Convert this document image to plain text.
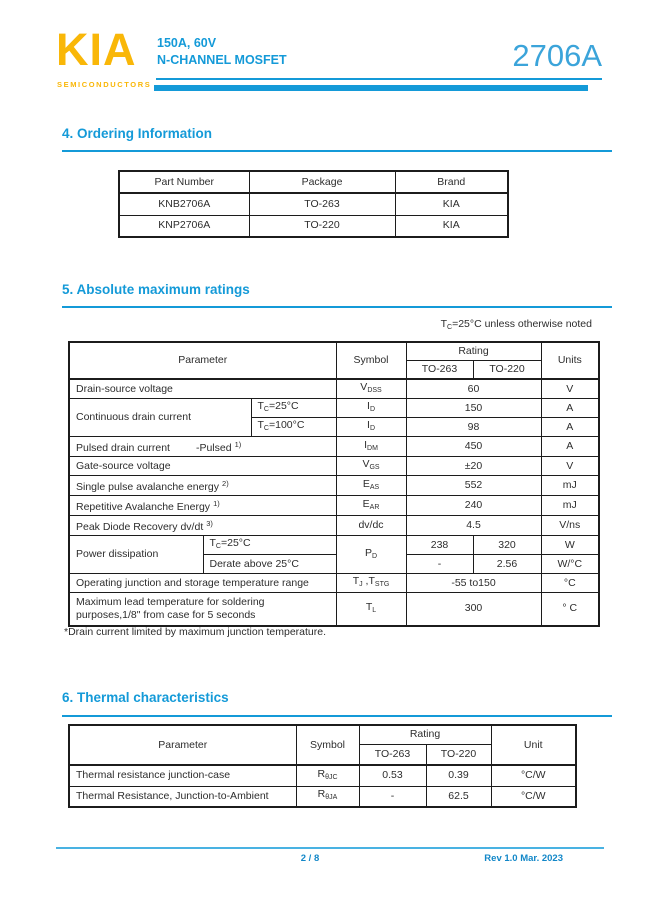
KIA
SEMICONDUCTORS
150A, 60V
N-CHANNEL MOSFET	2706A
4. Ordering Information
Part Number	Package	Brand
KNB2706A	TO-263	KIA
KNP2706A	TO-220	KIA
5. Absolute maximum ratings
TC=25°C unless otherwise noted
Parameter			Symbol	Rating		Units
				TO-263	TO-220	
Drain-source voltage			VDSS	60		V
Continuous drain current		TC=25°C	ID	150		A
		TC=100°C	ID	98		A
Pulsed drain current -Pulsed $^{1)}$			IDM	450		A
Gate-source voltage			VGS	±20		V
Single pulse avalanche energy $^{2)}$			EAS	552		mJ
Repetitive Avalanche Energy $^{1)}$			EAR	240		mJ
Peak Diode Recovery dv/dt $^{3)}$			dv/dc	4.5		V/ns
Power dissipation	TC=25°C		PD	238	320	W
	Derate above 25°C			-	2.56	W/°C
Operating junction and storage temperature range			TJ ,TSTG	-55 to150		°C

Maximum lead temperature for soldering
purposes,1/8" from case for 5 seconds			TL	300		° C
*Drain current limited by maximum junction temperature.
6. Thermal characteristics
Parameter	Symbol	Rating		Unit
		TO-263	TO-220	
Thermal resistance junction-case	RθJC	0.53	0.39	°C/W
Thermal Resistance, Junction-to-Ambient	RθJA	-	62.5	°C/W
2 / 8	Rev 1.0 Mar. 2023
